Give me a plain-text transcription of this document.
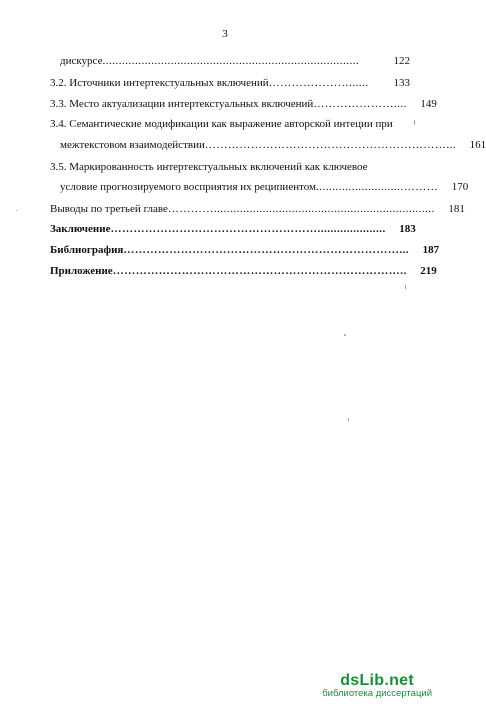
3
дискурсе ...............................................................................	122
3.2. Источники интертекстуальных включений …………………......	133
3.3. Место актуализации интертекстуальных включений …………………....	149
3.4. Семантические модификации как выражение авторской интеции при
межтекстовом взаимодействии ………………………………………………………...	161
3.5. Маркированность интертекстуальных включений как ключевое
условие прогнозируемого восприятия их реципиентом ...........................………	170
Выводы по третьей главе …………....................................................................	181
Заключение ……………………………………………….....................	183
Библиография ………………………………………………………………...	187
Приложение …………………………………………………………………..	219
dsLib.net
библиотека диссертаций
